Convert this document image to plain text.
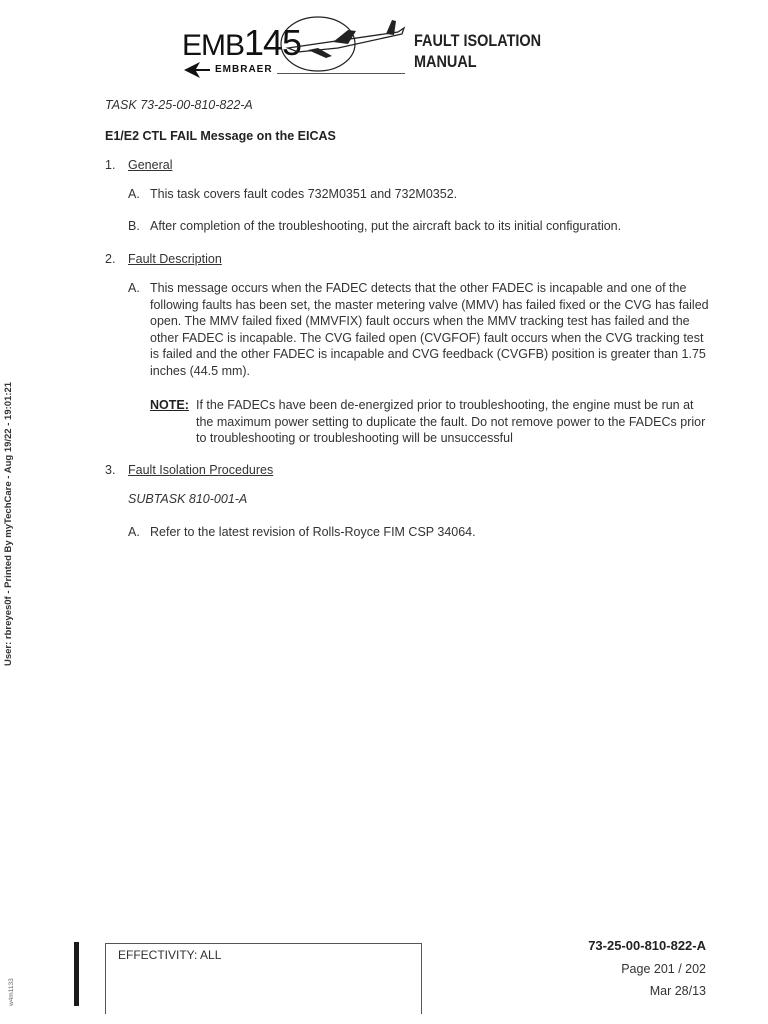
EMB145
EMBRAER
FAULT ISOLATION
MANUAL
User: rbreyes0f - Printed By myTechCare - Aug 19/22 - 19:01:21
w4m1133
TASK 73-25-00-810-822-A
E1/E2 CTL FAIL Message on the EICAS
1.	General
A. This task covers fault codes 732M0351 and 732M0352.
B. After completion of the troubleshooting, put the aircraft back to its initial configuration.
2.	Fault Description
A. This message occurs when the FADEC detects that the other FADEC is incapable and one of the
following faults has been set, the master metering valve (MMV) has failed fixed or the CVG has failed
open. The MMV failed fixed (MMVFIX) fault occurs when the MMV tracking test has failed and the
other FADEC is incapable. The CVG failed open (CVGFOF) fault occurs when the CVG tracking test
is failed and the other FADEC is incapable and CVG feedback (CVGFB) position is greater than 1.75
inches (44.5 mm).
NOTE: If the FADECs have been de-energized prior to troubleshooting, the engine must be run at
the maximum power setting to duplicate the fault. Do not remove power to the FADECs prior
to troubleshooting or troubleshooting will be unsuccessful
3.	Fault Isolation Procedures
SUBTASK 810-001-A
A. Refer to the latest revision of Rolls-Royce FIM CSP 34064.
EFFECTIVITY: ALL
73-25-00-810-822-A
Page 201 / 202
Mar 28/13
